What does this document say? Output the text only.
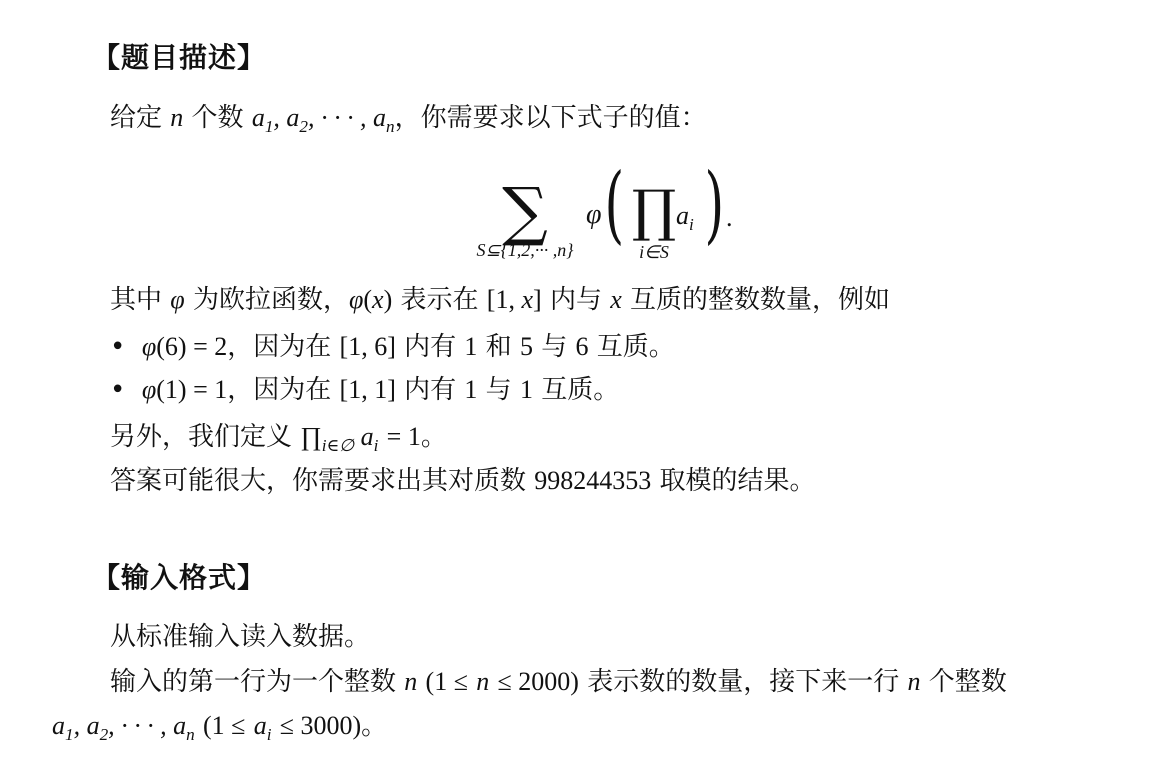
【题目描述】
给定 n 个数 $a_1$, $a_2$, · · · , $a_n$，你需要求以下式子的值：
∑
S⊆{1,2,··· ,n}
φ ( ∏
i∈S
$a_i$ ) .
其中 φ 为欧拉函数，φ(x) 表示在 [1, x] 内与 x 互质的整数数量，例如
• φ(6) = 2，因为在 [1, 6] 内有 1 和 5 与 6 互质。
• φ(1) = 1，因为在 [1, 1] 内有 1 与 1 互质。
另外，我们定义 $\prod_{i\in\emptyset}$ $a_i = 1$。
答案可能很大，你需要求出其对质数 998244353 取模的结果。
【输入格式】
从标准输入读入数据。
输入的第一行为一个整数 n (1 ≤ n ≤ 2000) 表示数的数量，接下来一行 n 个整数
$a_1$, $a_2$, · · · , $a_n$ $(1 \le a_i \le 3000)$。
